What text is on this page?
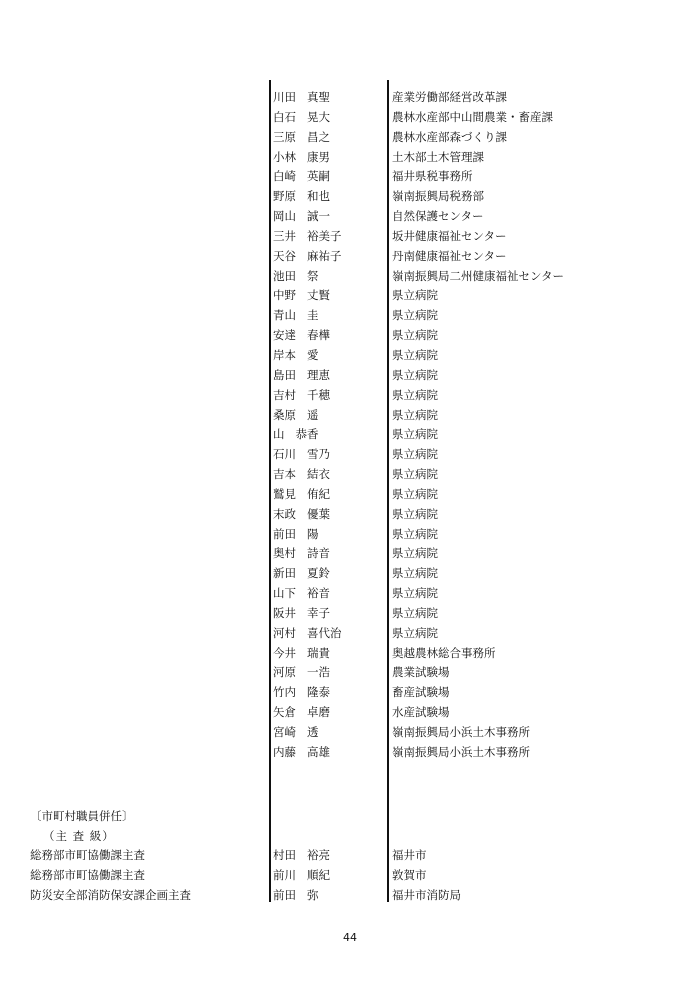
川田 真聖	産業労働部経営改革課
白石 晃大	農林水産部中山間農業・畜産課
三原 昌之	農林水産部森づくり課
小林 康男	土木部土木管理課
白崎 英嗣	福井県税事務所
野原 和也	嶺南振興局税務部
岡山 誠一	自然保護センター
三井 裕美子	坂井健康福祉センター
天谷 麻祐子	丹南健康福祉センター
池田 祭	嶺南振興局二州健康福祉センター
中野 丈賢	県立病院
青山 圭	県立病院
安達 春樺	県立病院
岸本 愛	県立病院
島田 理恵	県立病院
吉村 千穂	県立病院
桑原 遥	県立病院
山 恭香	県立病院
石川 雪乃	県立病院
吉本 結衣	県立病院
鷲見 侑紀	県立病院
末政 優葉	県立病院
前田 陽	県立病院
奥村 詩音	県立病院
新田 夏鈴	県立病院
山下 裕音	県立病院
阪井 幸子	県立病院
河村 喜代治	県立病院
今井 瑞貴	奥越農林総合事務所
河原 一浩	農業試験場
竹内 隆泰	畜産試験場
矢倉 卓磨	水産試験場
宮崎 透	嶺南振興局小浜土木事務所
内藤 高雄	嶺南振興局小浜土木事務所
〔市町村職員併任〕
（主 査 級）
総務部市町協働課主査	村田 裕亮	福井市
総務部市町協働課主査	前川 順紀	敦賀市
防災安全部消防保安課企画主査	前田 弥	福井市消防局
44
